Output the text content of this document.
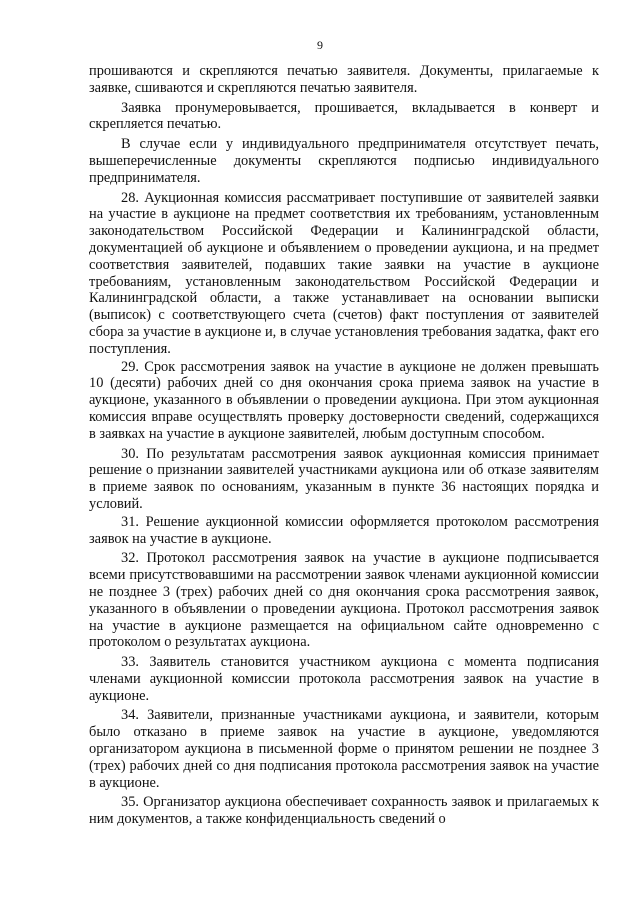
9

прошиваются и скрепляются печатью заявителя. Документы, прилагаемые к заявке, сшиваются и скрепляются печатью заявителя.

Заявка пронумеровывается, прошивается, вкладывается в конверт и скрепляется печатью.

В случае если у индивидуального предпринимателя отсутствует печать, вышеперечисленные документы скрепляются подписью индивидуального предпринимателя.

28. Аукционная комиссия рассматривает поступившие от заявителей заявки на участие в аукционе на предмет соответствия их требованиям, установленным законодательством Российской Федерации и Калининградской области, документацией об аукционе и объявлением о проведении аукциона, и на предмет соответствия заявителей, подавших такие заявки на участие в аукционе требованиям, установленным законодательством Российской Федерации и Калининградской области, а также устанавливает на основании выписки (выписок) с соответствующего счета (счетов) факт поступления от заявителей сбора за участие в аукционе и, в случае установления требования задатка, факт его поступления.

29. Срок рассмотрения заявок на участие в аукционе не должен превышать 10 (десяти) рабочих дней со дня окончания срока приема заявок на участие в аукционе, указанного в объявлении о проведении аукциона. При этом аукционная комиссия вправе осуществлять проверку достоверности сведений, содержащихся в заявках на участие в аукционе заявителей, любым доступным способом.

30. По результатам рассмотрения заявок аукционная комиссия принимает решение о признании заявителей участниками аукциона или об отказе заявителям в приеме заявок по основаниям, указанным в пункте 36 настоящих порядка и условий.

31. Решение аукционной комиссии оформляется протоколом рассмотрения заявок на участие в аукционе.

32. Протокол рассмотрения заявок на участие в аукционе подписывается всеми присутствовавшими на рассмотрении заявок членами аукционной комиссии не позднее 3 (трех) рабочих дней со дня окончания срока рассмотрения заявок, указанного в объявлении о проведении аукциона. Протокол рассмотрения заявок на участие в аукционе размещается на официальном сайте одновременно с протоколом о результатах аукциона.

33. Заявитель становится участником аукциона с момента подписания членами аукционной комиссии протокола рассмотрения заявок на участие в аукционе.

34. Заявители, признанные участниками аукциона, и заявители, которым было отказано в приеме заявок на участие в аукционе, уведомляются организатором аукциона в письменной форме о принятом решении не позднее 3 (трех) рабочих дней со дня подписания протокола рассмотрения заявок на участие в аукционе.

35. Организатор аукциона обеспечивает сохранность заявок и прилагаемых к ним документов, а также конфиденциальность сведений о
